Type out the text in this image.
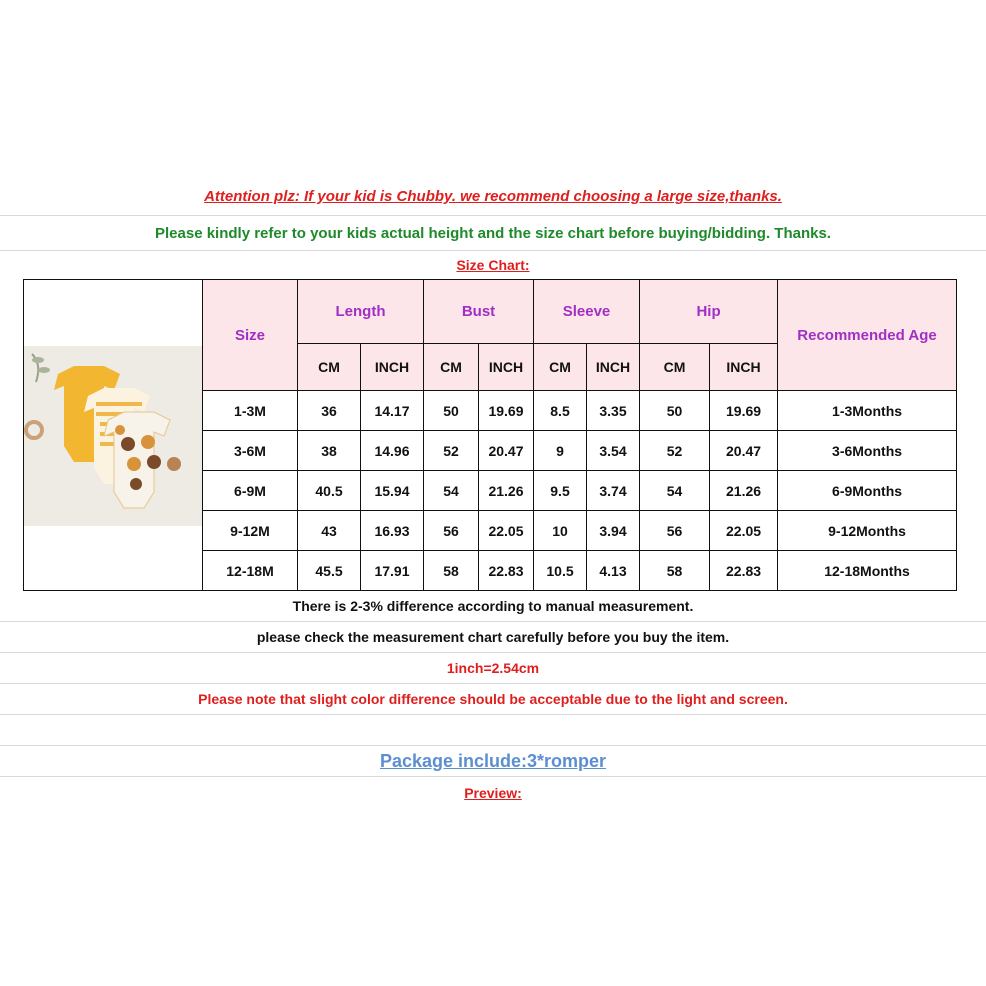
Attention plz: If your kid is Chubby. we recommend choosing a large size,thanks.
Please kindly refer to your kids actual height and the size chart before buying/bidding. Thanks.
Size Chart:
	Size	Length		Bust		Sleeve		Hip		Recommended Age
		CM	INCH	CM	INCH	CM	INCH	CM	INCH	
	1-3M	36	14.17	50	19.69	8.5	3.35	50	19.69	1-3Months
	3-6M	38	14.96	52	20.47	9	3.54	52	20.47	3-6Months
	6-9M	40.5	15.94	54	21.26	9.5	3.74	54	21.26	6-9Months
	9-12M	43	16.93	56	22.05	10	3.94	56	22.05	9-12Months
	12-18M	45.5	17.91	58	22.83	10.5	4.13	58	22.83	12-18Months
There is 2-3% difference according to manual measurement.
please check the measurement chart carefully before you buy the item.
1inch=2.54cm
Please note that slight color difference should be acceptable due to the light and screen.
Package include:3*romper
Preview:
